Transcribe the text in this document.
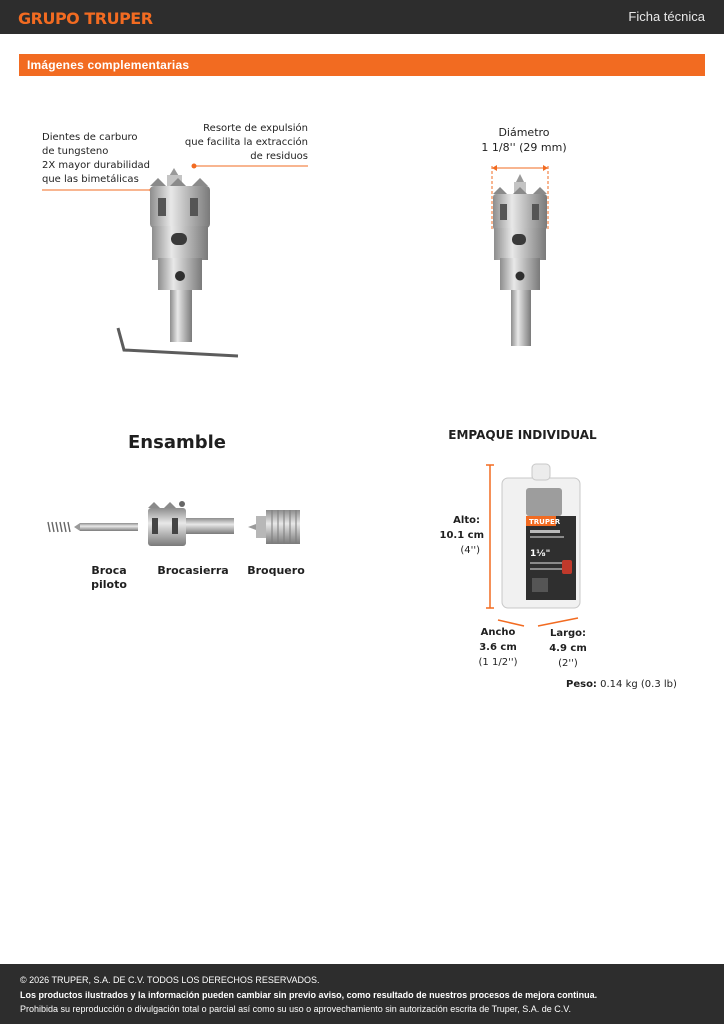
GRUPO TRUPER	Ficha técnica
Imágenes complementarias
Dientes de carburo
de tungsteno
2X mayor durabilidad
que las bimetálicas
Resorte de expulsión
que facilita la extracción
de residuos
Diámetro
1 1/8'' (29 mm)
Ensamble
Broca piloto
Brocasierra	Broquero
EMPAQUE INDIVIDUAL
TRUPER
1⅛"
Alto:
10.1 cm
(4'')
Ancho
3.6 cm
(1 1/2'')
Largo:
4.9 cm
(2'')
Peso: 0.14 kg (0.3 lb)
© 2026 TRUPER, S.A. DE C.V. TODOS LOS DERECHOS RESERVADOS.
Los productos ilustrados y la información pueden cambiar sin previo aviso, como resultado de nuestros procesos de mejora continua.
Prohibida su reproducción o divulgación total o parcial así como su uso o aprovechamiento sin autorización escrita de Truper, S.A. de C.V.
